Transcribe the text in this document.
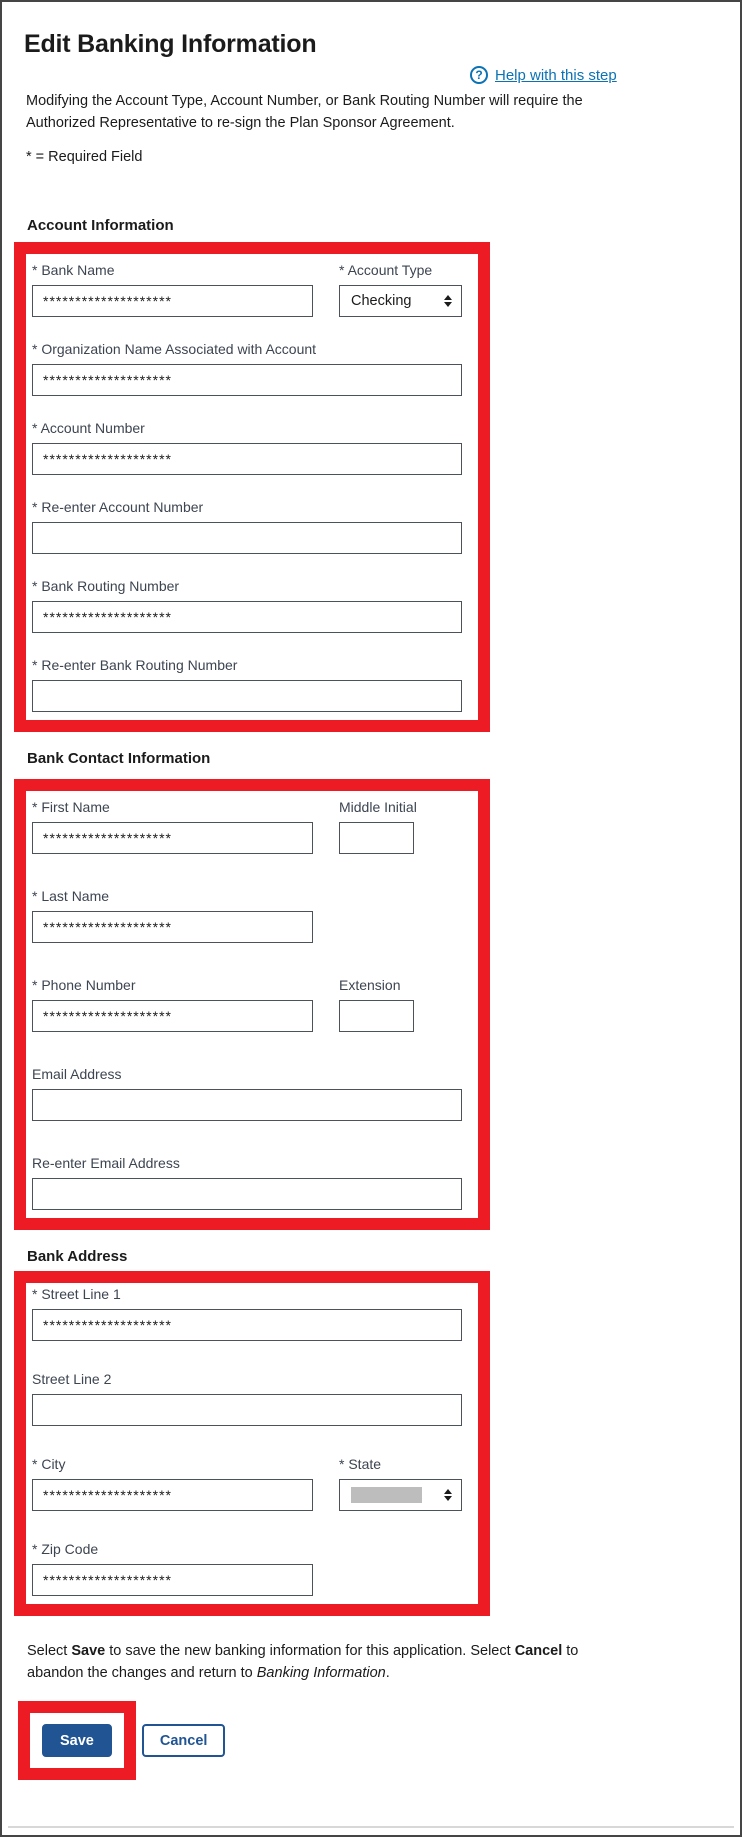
Edit Banking Information
? Help with this step

Modifying the Account Type, Account Number, or Bank Routing Number will require the
Authorized Representative to re-sign the Plan Sponsor Agreement.

* = Required Field

Account Information
* Bank Name
********************	* Account Type
Checking
* Organization Name Associated with Account
********************
* Account Number
********************
* Re-enter Account Number
* Bank Routing Number
********************
* Re-enter Bank Routing Number
Bank Contact Information
* First Name
********************	Middle Initial
* Last Name
********************
* Phone Number
********************	Extension
Email Address
Re-enter Email Address
Bank Address
* Street Line 1
********************
Street Line 2
* City
********************	* State
* Zip Code
********************

Select Save to save the new banking information for this application. Select Cancel to
abandon the changes and return to Banking Information.

Save	Cancel
